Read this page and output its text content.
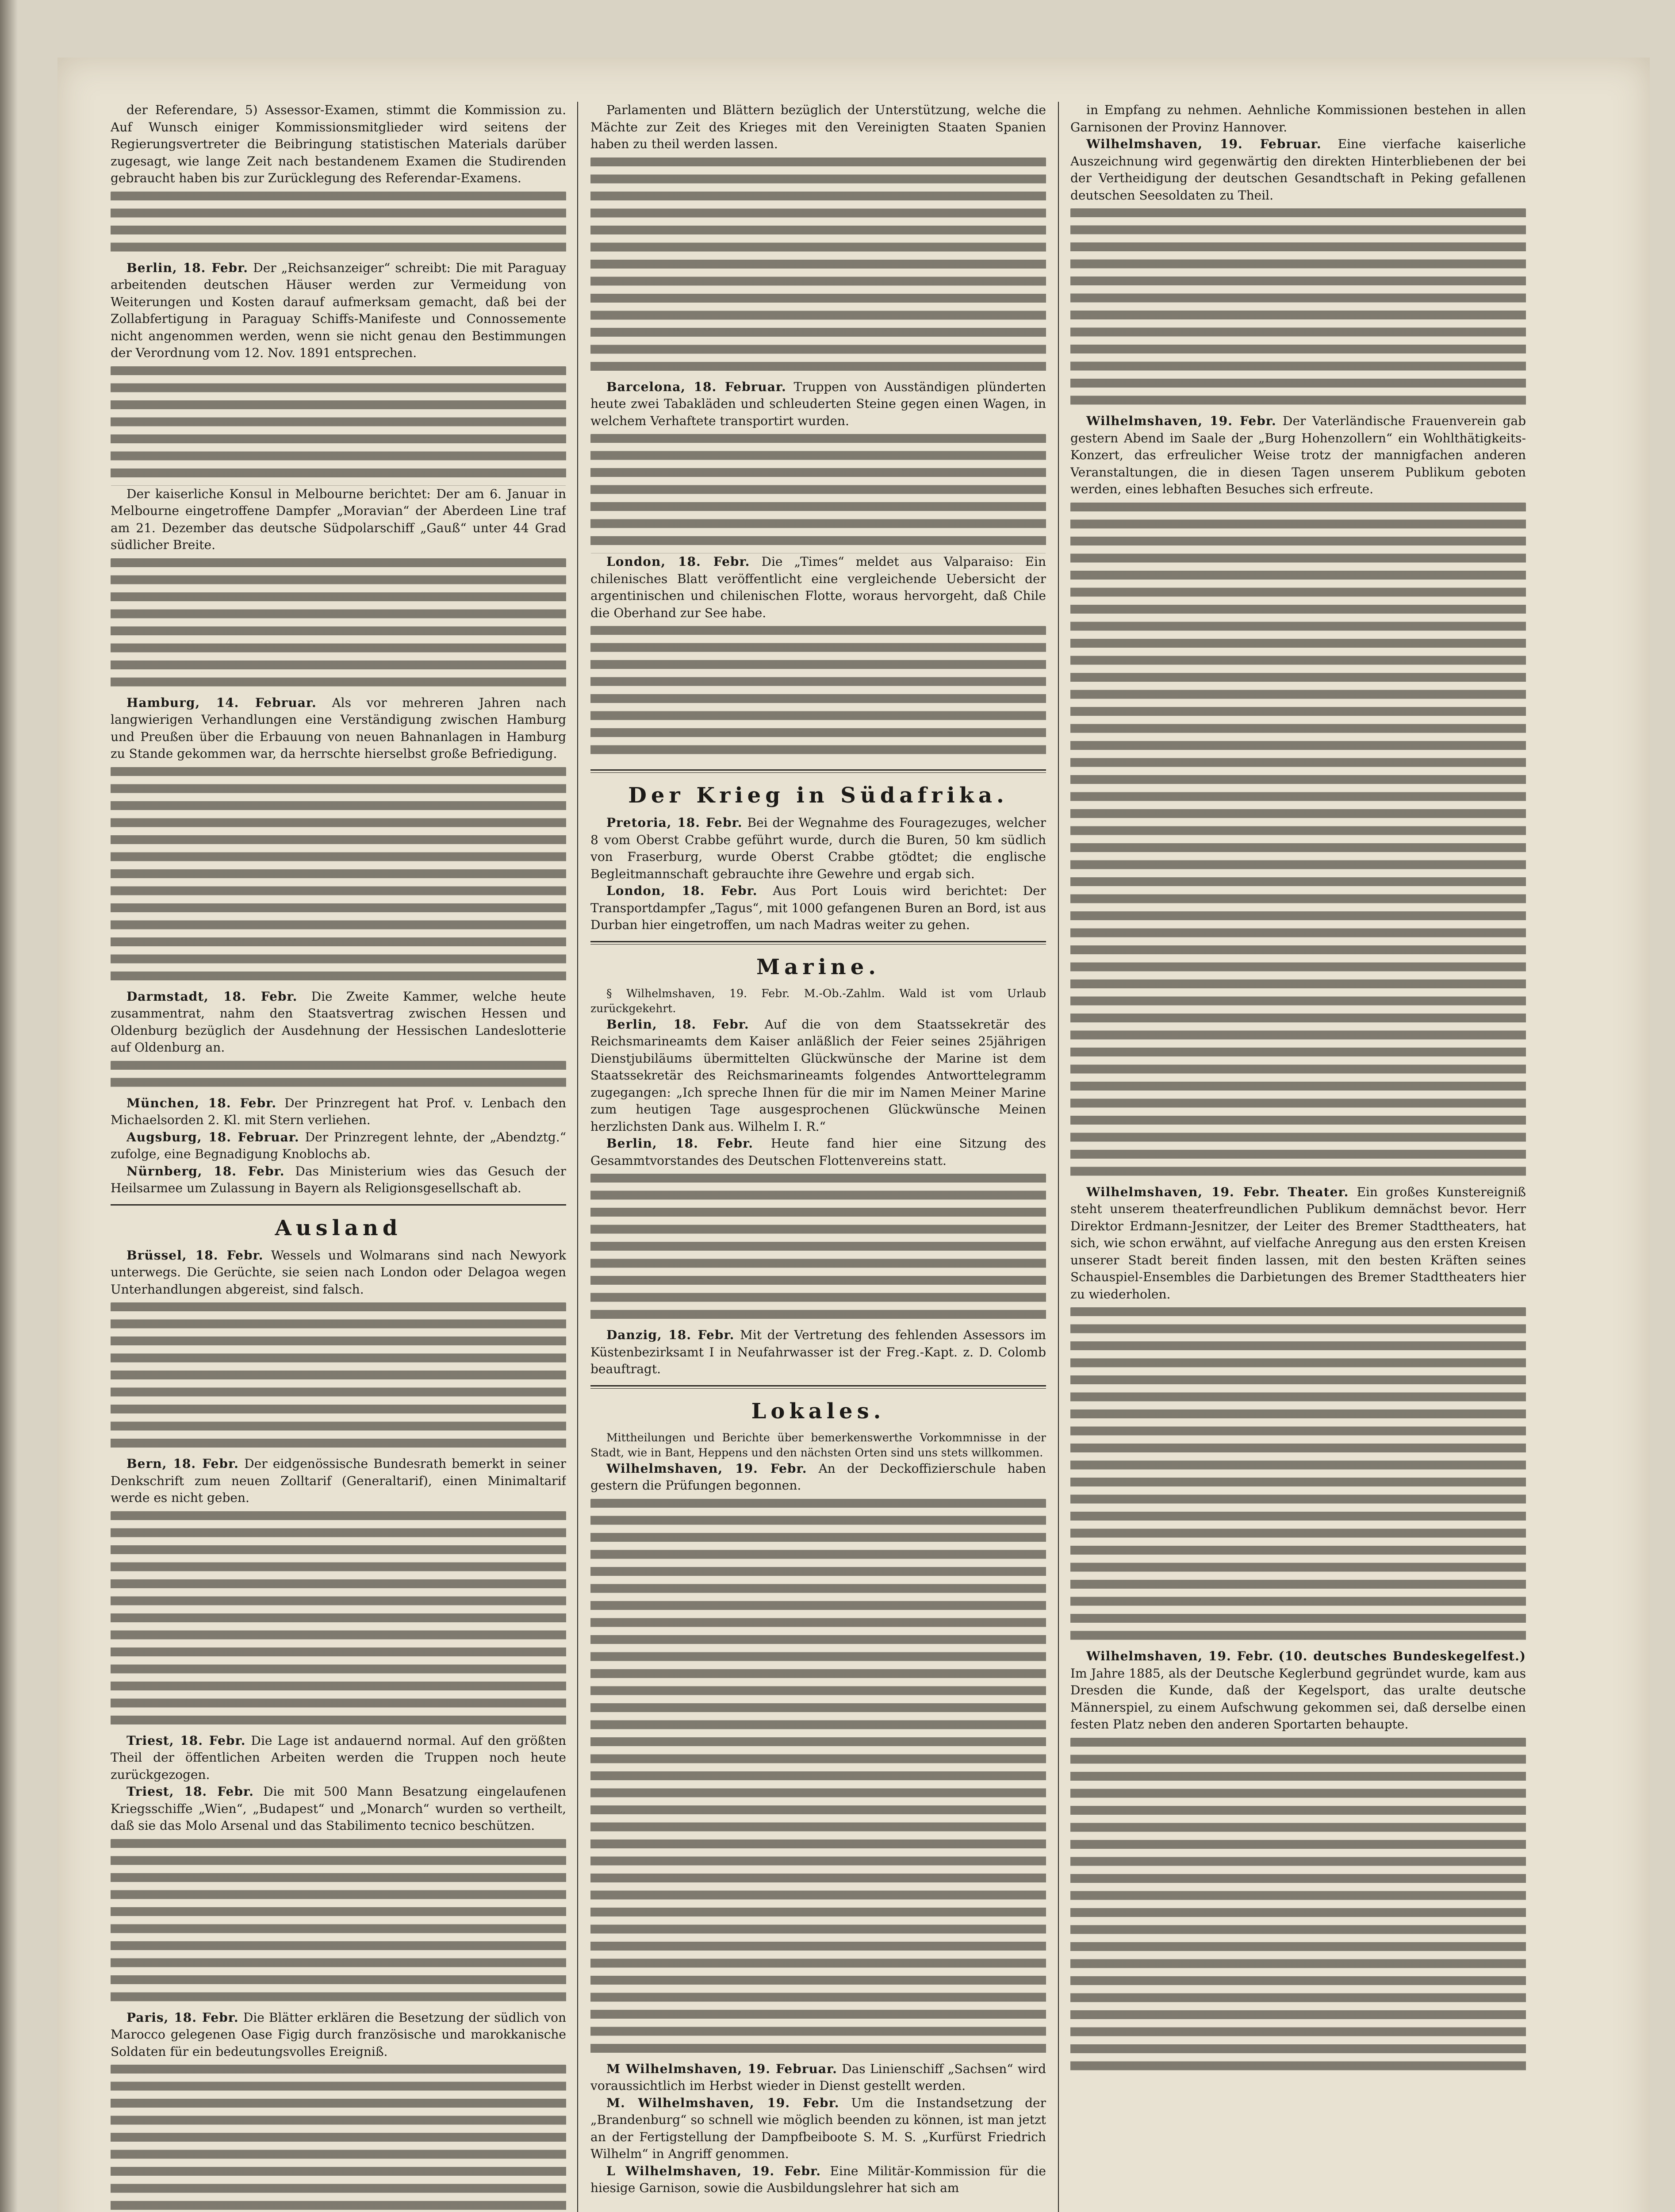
der Referendare, 5) Assessor-Examen, stimmt die Kommission zu. Auf Wunsch einiger Kommissionsmitglieder wird seitens der Regierungsvertreter die Beibringung statistischen Materials darüber zugesagt, wie lange Zeit nach bestandenem Examen die Studirenden gebraucht haben bis zur Zurücklegung des Referendar-Examens.

Berlin, 18. Febr. Der „Reichsanzeiger“ schreibt: Die mit Paraguay arbeitenden deutschen Häuser werden zur Vermeidung von Weiterungen und Kosten darauf aufmerksam gemacht, daß bei der Zollabfertigung in Paraguay Schiffs-Manifeste und Connossemente nicht angenommen werden, wenn sie nicht genau den Bestimmungen der Verordnung vom 12. Nov. 1891 entsprechen.

Der kaiserliche Konsul in Melbourne berichtet: Der am 6. Januar in Melbourne eingetroffene Dampfer „Moravian“ der Aberdeen Line traf am 21. Dezember das deutsche Südpolarschiff „Gauß“ unter 44 Grad südlicher Breite.

Hamburg, 14. Februar. Als vor mehreren Jahren nach langwierigen Verhandlungen eine Verständigung zwischen Hamburg und Preußen über die Erbauung von neuen Bahnanlagen in Hamburg zu Stande gekommen war, da herrschte hierselbst große Befriedigung.

Darmstadt, 18. Febr. Die Zweite Kammer, welche heute zusammentrat, nahm den Staatsvertrag zwischen Hessen und Oldenburg bezüglich der Ausdehnung der Hessischen Landeslotterie auf Oldenburg an.

München, 18. Febr. Der Prinzregent hat Prof. v. Lenbach den Michaelsorden 2. Kl. mit Stern verliehen.

Augsburg, 18. Februar. Der Prinzregent lehnte, der „Abendztg.“ zufolge, eine Begnadigung Knoblochs ab.

Nürnberg, 18. Febr. Das Ministerium wies das Gesuch der Heilsarmee um Zulassung in Bayern als Religionsgesellschaft ab.

Ausland

Brüssel, 18. Febr. Wessels und Wolmarans sind nach Newyork unterwegs. Die Gerüchte, sie seien nach London oder Delagoa wegen Unterhandlungen abgereist, sind falsch.

Bern, 18. Febr. Der eidgenössische Bundesrath bemerkt in seiner Denkschrift zum neuen Zolltarif (Generaltarif), einen Minimaltarif werde es nicht geben.

Triest, 18. Febr. Die Lage ist andauernd normal. Auf den größten Theil der öffentlichen Arbeiten werden die Truppen noch heute zurückgezogen.

Triest, 18. Febr. Die mit 500 Mann Besatzung eingelaufenen Kriegsschiffe „Wien“, „Budapest“ und „Monarch“ wurden so vertheilt, daß sie das Molo Arsenal und das Stabilimento tecnico beschützen.

Paris, 18. Febr. Die Blätter erklären die Besetzung der südlich von Marocco gelegenen Oase Figig durch französische und marokkanische Soldaten für ein bedeutungsvolles Ereigniß.

Parlamenten und Blättern bezüglich der Unterstützung, welche die Mächte zur Zeit des Krieges mit den Vereinigten Staaten Spanien haben zu theil werden lassen.

Barcelona, 18. Februar. Truppen von Ausständigen plünderten heute zwei Tabakläden und schleuderten Steine gegen einen Wagen, in welchem Verhaftete transportirt wurden.

London, 18. Febr. Die „Times“ meldet aus Valparaiso: Ein chilenisches Blatt veröffentlicht eine vergleichende Uebersicht der argentinischen und chilenischen Flotte, woraus hervorgeht, daß Chile die Oberhand zur See habe.

Der Krieg in Südafrika.

Pretoria, 18. Febr. Bei der Wegnahme des Fouragezuges, welcher 8 vom Oberst Crabbe geführt wurde, durch die Buren, 50 km südlich von Fraserburg, wurde Oberst Crabbe gtödtet; die englische Begleitmannschaft gebrauchte ihre Gewehre und ergab sich.

London, 18. Febr. Aus Port Louis wird berichtet: Der Transportdampfer „Tagus“, mit 1000 gefangenen Buren an Bord, ist aus Durban hier eingetroffen, um nach Madras weiter zu gehen.

Marine.

§ Wilhelmshaven, 19. Febr. M.-Ob.-Zahlm. Wald ist vom Urlaub zurückgekehrt.

Berlin, 18. Febr. Auf die von dem Staatssekretär des Reichsmarineamts dem Kaiser anläßlich der Feier seines 25jährigen Dienstjubiläums übermittelten Glückwünsche der Marine ist dem Staatssekretär des Reichsmarineamts folgendes Antworttelegramm zugegangen: „Ich spreche Ihnen für die mir im Namen Meiner Marine zum heutigen Tage ausgesprochenen Glückwünsche Meinen herzlichsten Dank aus. Wilhelm I. R.“

Berlin, 18. Febr. Heute fand hier eine Sitzung des Gesammtvorstandes des Deutschen Flottenvereins statt.

Danzig, 18. Febr. Mit der Vertretung des fehlenden Assessors im Küstenbezirksamt I in Neufahrwasser ist der Freg.-Kapt. z. D. Colomb beauftragt.

Lokales.

Mittheilungen und Berichte über bemerkenswerthe Vorkommnisse in der Stadt, wie in Bant, Heppens und den nächsten Orten sind uns stets willkommen.

Wilhelmshaven, 19. Febr. An der Deckoffizierschule haben gestern die Prüfungen begonnen.

M Wilhelmshaven, 19. Februar. Das Linienschiff „Sachsen“ wird voraussichtlich im Herbst wieder in Dienst gestellt werden.

M. Wilhelmshaven, 19. Febr. Um die Instandsetzung der „Brandenburg“ so schnell wie möglich beenden zu können, ist man jetzt an der Fertigstellung der Dampfbeiboote S. M. S. „Kurfürst Friedrich Wilhelm“ in Angriff genommen.

L Wilhelmshaven, 19. Febr. Eine Militär-Kommission für die hiesige Garnison, sowie die Ausbildungslehrer hat sich am

in Empfang zu nehmen. Aehnliche Kommissionen bestehen in allen Garnisonen der Provinz Hannover.

Wilhelmshaven, 19. Februar. Eine vierfache kaiserliche Auszeichnung wird gegenwärtig den direkten Hinterbliebenen der bei der Vertheidigung der deutschen Gesandtschaft in Peking gefallenen deutschen Seesoldaten zu Theil.

Wilhelmshaven, 19. Febr. Der Vaterländische Frauenverein gab gestern Abend im Saale der „Burg Hohenzollern“ ein Wohlthätigkeits-Konzert, das erfreulicher Weise trotz der mannigfachen anderen Veranstaltungen, die in diesen Tagen unserem Publikum geboten werden, eines lebhaften Besuches sich erfreute.

Wilhelmshaven, 19. Febr. Theater. Ein großes Kunstereigniß steht unserem theaterfreundlichen Publikum demnächst bevor. Herr Direktor Erdmann-Jesnitzer, der Leiter des Bremer Stadttheaters, hat sich, wie schon erwähnt, auf vielfache Anregung aus den ersten Kreisen unserer Stadt bereit finden lassen, mit den besten Kräften seines Schauspiel-Ensembles die Darbietungen des Bremer Stadttheaters hier zu wiederholen.

Wilhelmshaven, 19. Febr. (10. deutsches Bundeskegelfest.) Im Jahre 1885, als der Deutsche Keglerbund gegründet wurde, kam aus Dresden die Kunde, daß der Kegelsport, das uralte deutsche Männerspiel, zu einem Aufschwung gekommen sei, daß derselbe einen festen Platz neben den anderen Sportarten behaupte.
